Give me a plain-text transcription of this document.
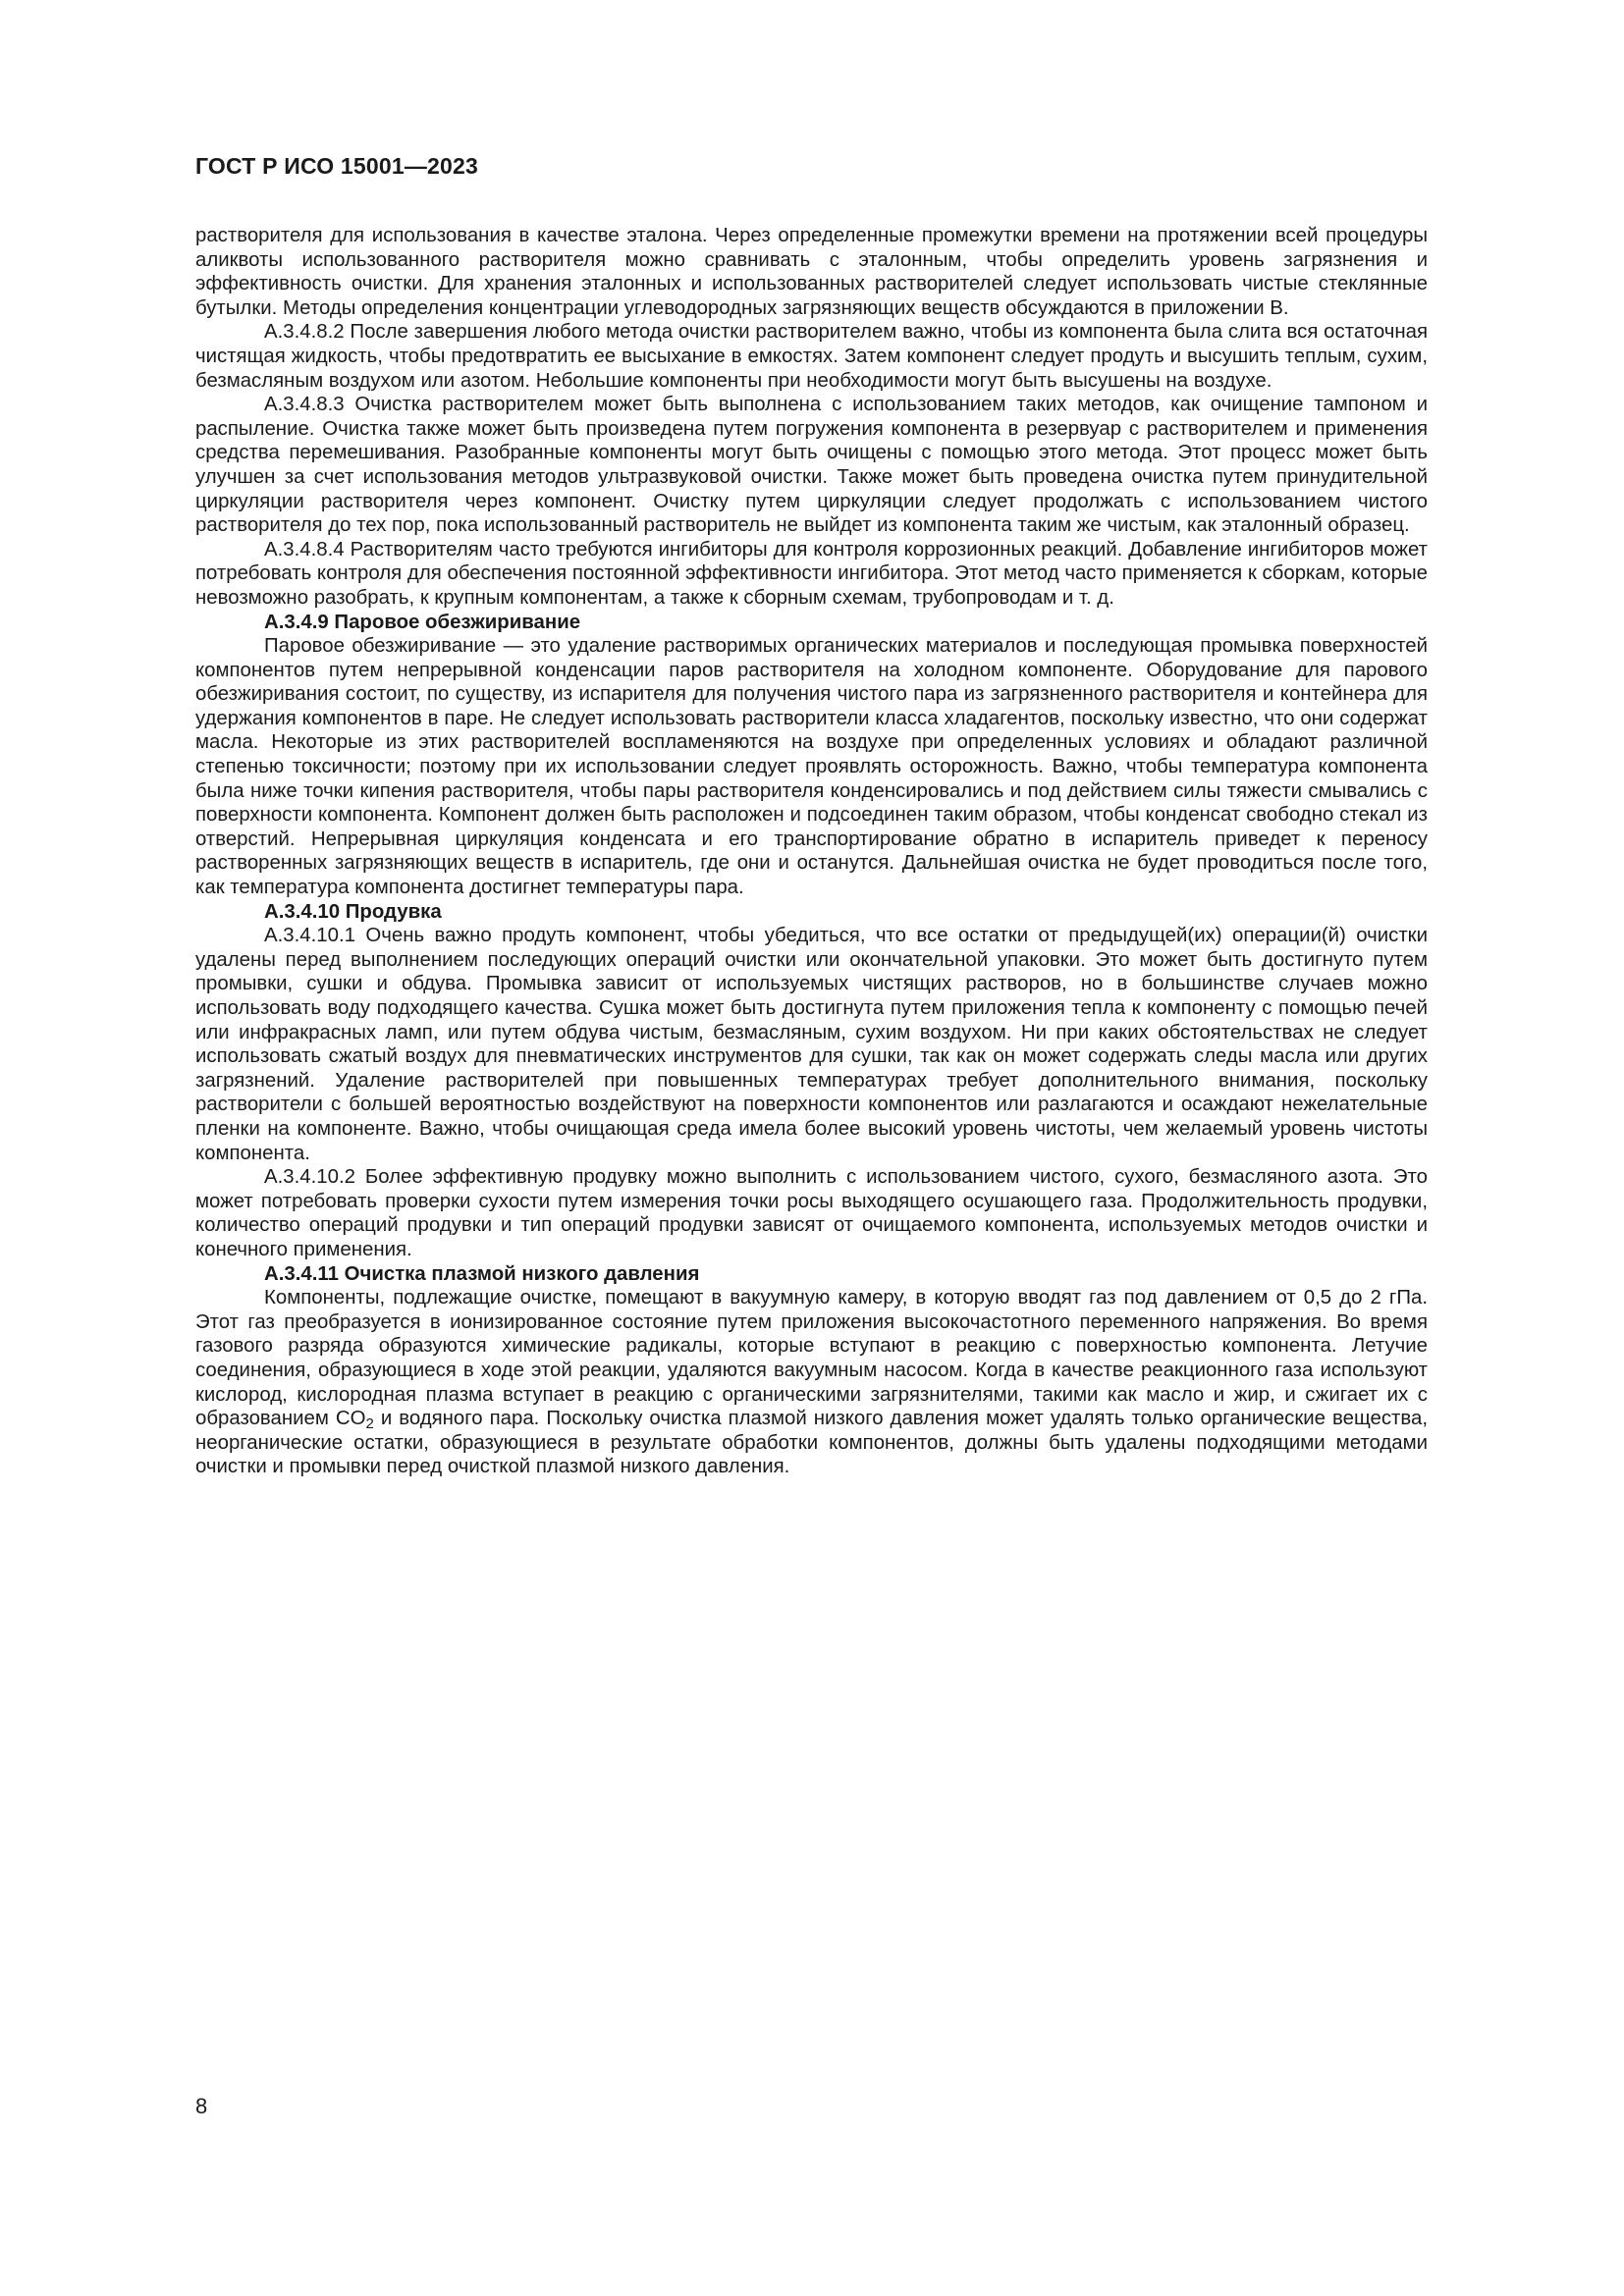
ГОСТ Р ИСО 15001—2023

растворителя для использования в качестве эталона. Через определенные промежутки времени на протяжении всей процедуры аликвоты использованного растворителя можно сравнивать с эталонным, чтобы определить уровень загрязнения и эффективность очистки. Для хранения эталонных и использованных растворителей следует использовать чистые стеклянные бутылки. Методы определения концентрации углеводородных загрязняющих веществ обсуждаются в приложении В.

А.3.4.8.2 После завершения любого метода очистки растворителем важно, чтобы из компонента была слита вся остаточная чистящая жидкость, чтобы предотвратить ее высыхание в емкостях. Затем компонент следует продуть и высушить теплым, сухим, безмасляным воздухом или азотом. Небольшие компоненты при необходимости могут быть высушены на воздухе.

А.3.4.8.3 Очистка растворителем может быть выполнена с использованием таких методов, как очищение тампоном и распыление. Очистка также может быть произведена путем погружения компонента в резервуар с растворителем и применения средства перемешивания. Разобранные компоненты могут быть очищены с помощью этого метода. Этот процесс может быть улучшен за счет использования методов ультразвуковой очистки. Также может быть проведена очистка путем принудительной циркуляции растворителя через компонент. Очистку путем циркуляции следует продолжать с использованием чистого растворителя до тех пор, пока использованный растворитель не выйдет из компонента таким же чистым, как эталонный образец.

А.3.4.8.4 Растворителям часто требуются ингибиторы для контроля коррозионных реакций. Добавление ингибиторов может потребовать контроля для обеспечения постоянной эффективности ингибитора. Этот метод часто применяется к сборкам, которые невозможно разобрать, к крупным компонентам, а также к сборным схемам, трубопроводам и т. д.

А.3.4.9 Паровое обезжиривание

Паровое обезжиривание — это удаление растворимых органических материалов и последующая промывка поверхностей компонентов путем непрерывной конденсации паров растворителя на холодном компоненте. Оборудование для парового обезжиривания состоит, по существу, из испарителя для получения чистого пара из загрязненного растворителя и контейнера для удержания компонентов в паре. Не следует использовать растворители класса хладагентов, поскольку известно, что они содержат масла. Некоторые из этих растворителей воспламеняются на воздухе при определенных условиях и обладают различной степенью токсичности; поэтому при их использовании следует проявлять осторожность. Важно, чтобы температура компонента была ниже точки кипения растворителя, чтобы пары растворителя конденсировались и под действием силы тяжести смывались с поверхности компонента. Компонент должен быть расположен и подсоединен таким образом, чтобы конденсат свободно стекал из отверстий. Непрерывная циркуляция конденсата и его транспортирование обратно в испаритель приведет к переносу растворенных загрязняющих веществ в испаритель, где они и останутся. Дальнейшая очистка не будет проводиться после того, как температура компонента достигнет температуры пара.

А.3.4.10 Продувка

А.3.4.10.1 Очень важно продуть компонент, чтобы убедиться, что все остатки от предыдущей(их) операции(й) очистки удалены перед выполнением последующих операций очистки или окончательной упаковки. Это может быть достигнуто путем промывки, сушки и обдува. Промывка зависит от используемых чистящих растворов, но в большинстве случаев можно использовать воду подходящего качества. Сушка может быть достигнута путем приложения тепла к компоненту с помощью печей или инфракрасных ламп, или путем обдува чистым, безмасляным, сухим воздухом. Ни при каких обстоятельствах не следует использовать сжатый воздух для пневматических инструментов для сушки, так как он может содержать следы масла или других загрязнений. Удаление растворителей при повышенных температурах требует дополнительного внимания, поскольку растворители с большей вероятностью воздействуют на поверхности компонентов или разлагаются и осаждают нежелательные пленки на компоненте. Важно, чтобы очищающая среда имела более высокий уровень чистоты, чем желаемый уровень чистоты компонента.

А.3.4.10.2 Более эффективную продувку можно выполнить с использованием чистого, сухого, безмасляного азота. Это может потребовать проверки сухости путем измерения точки росы выходящего осушающего газа. Продолжительность продувки, количество операций продувки и тип операций продувки зависят от очищаемого компонента, используемых методов очистки и конечного применения.

А.3.4.11 Очистка плазмой низкого давления

Компоненты, подлежащие очистке, помещают в вакуумную камеру, в которую вводят газ под давлением от 0,5 до 2 гПа. Этот газ преобразуется в ионизированное состояние путем приложения высокочастотного переменного напряжения. Во время газового разряда образуются химические радикалы, которые вступают в реакцию с поверхностью компонента. Летучие соединения, образующиеся в ходе этой реакции, удаляются вакуумным насосом. Когда в качестве реакционного газа используют кислород, кислородная плазма вступает в реакцию с органическими загрязнителями, такими как масло и жир, и сжигает их с образованием $CO_2$ и водяного пара. Поскольку очистка плазмой низкого давления может удалять только органические вещества, неорганические остатки, образующиеся в результате обработки компонентов, должны быть удалены подходящими методами очистки и промывки перед очисткой плазмой низкого давления.

8
